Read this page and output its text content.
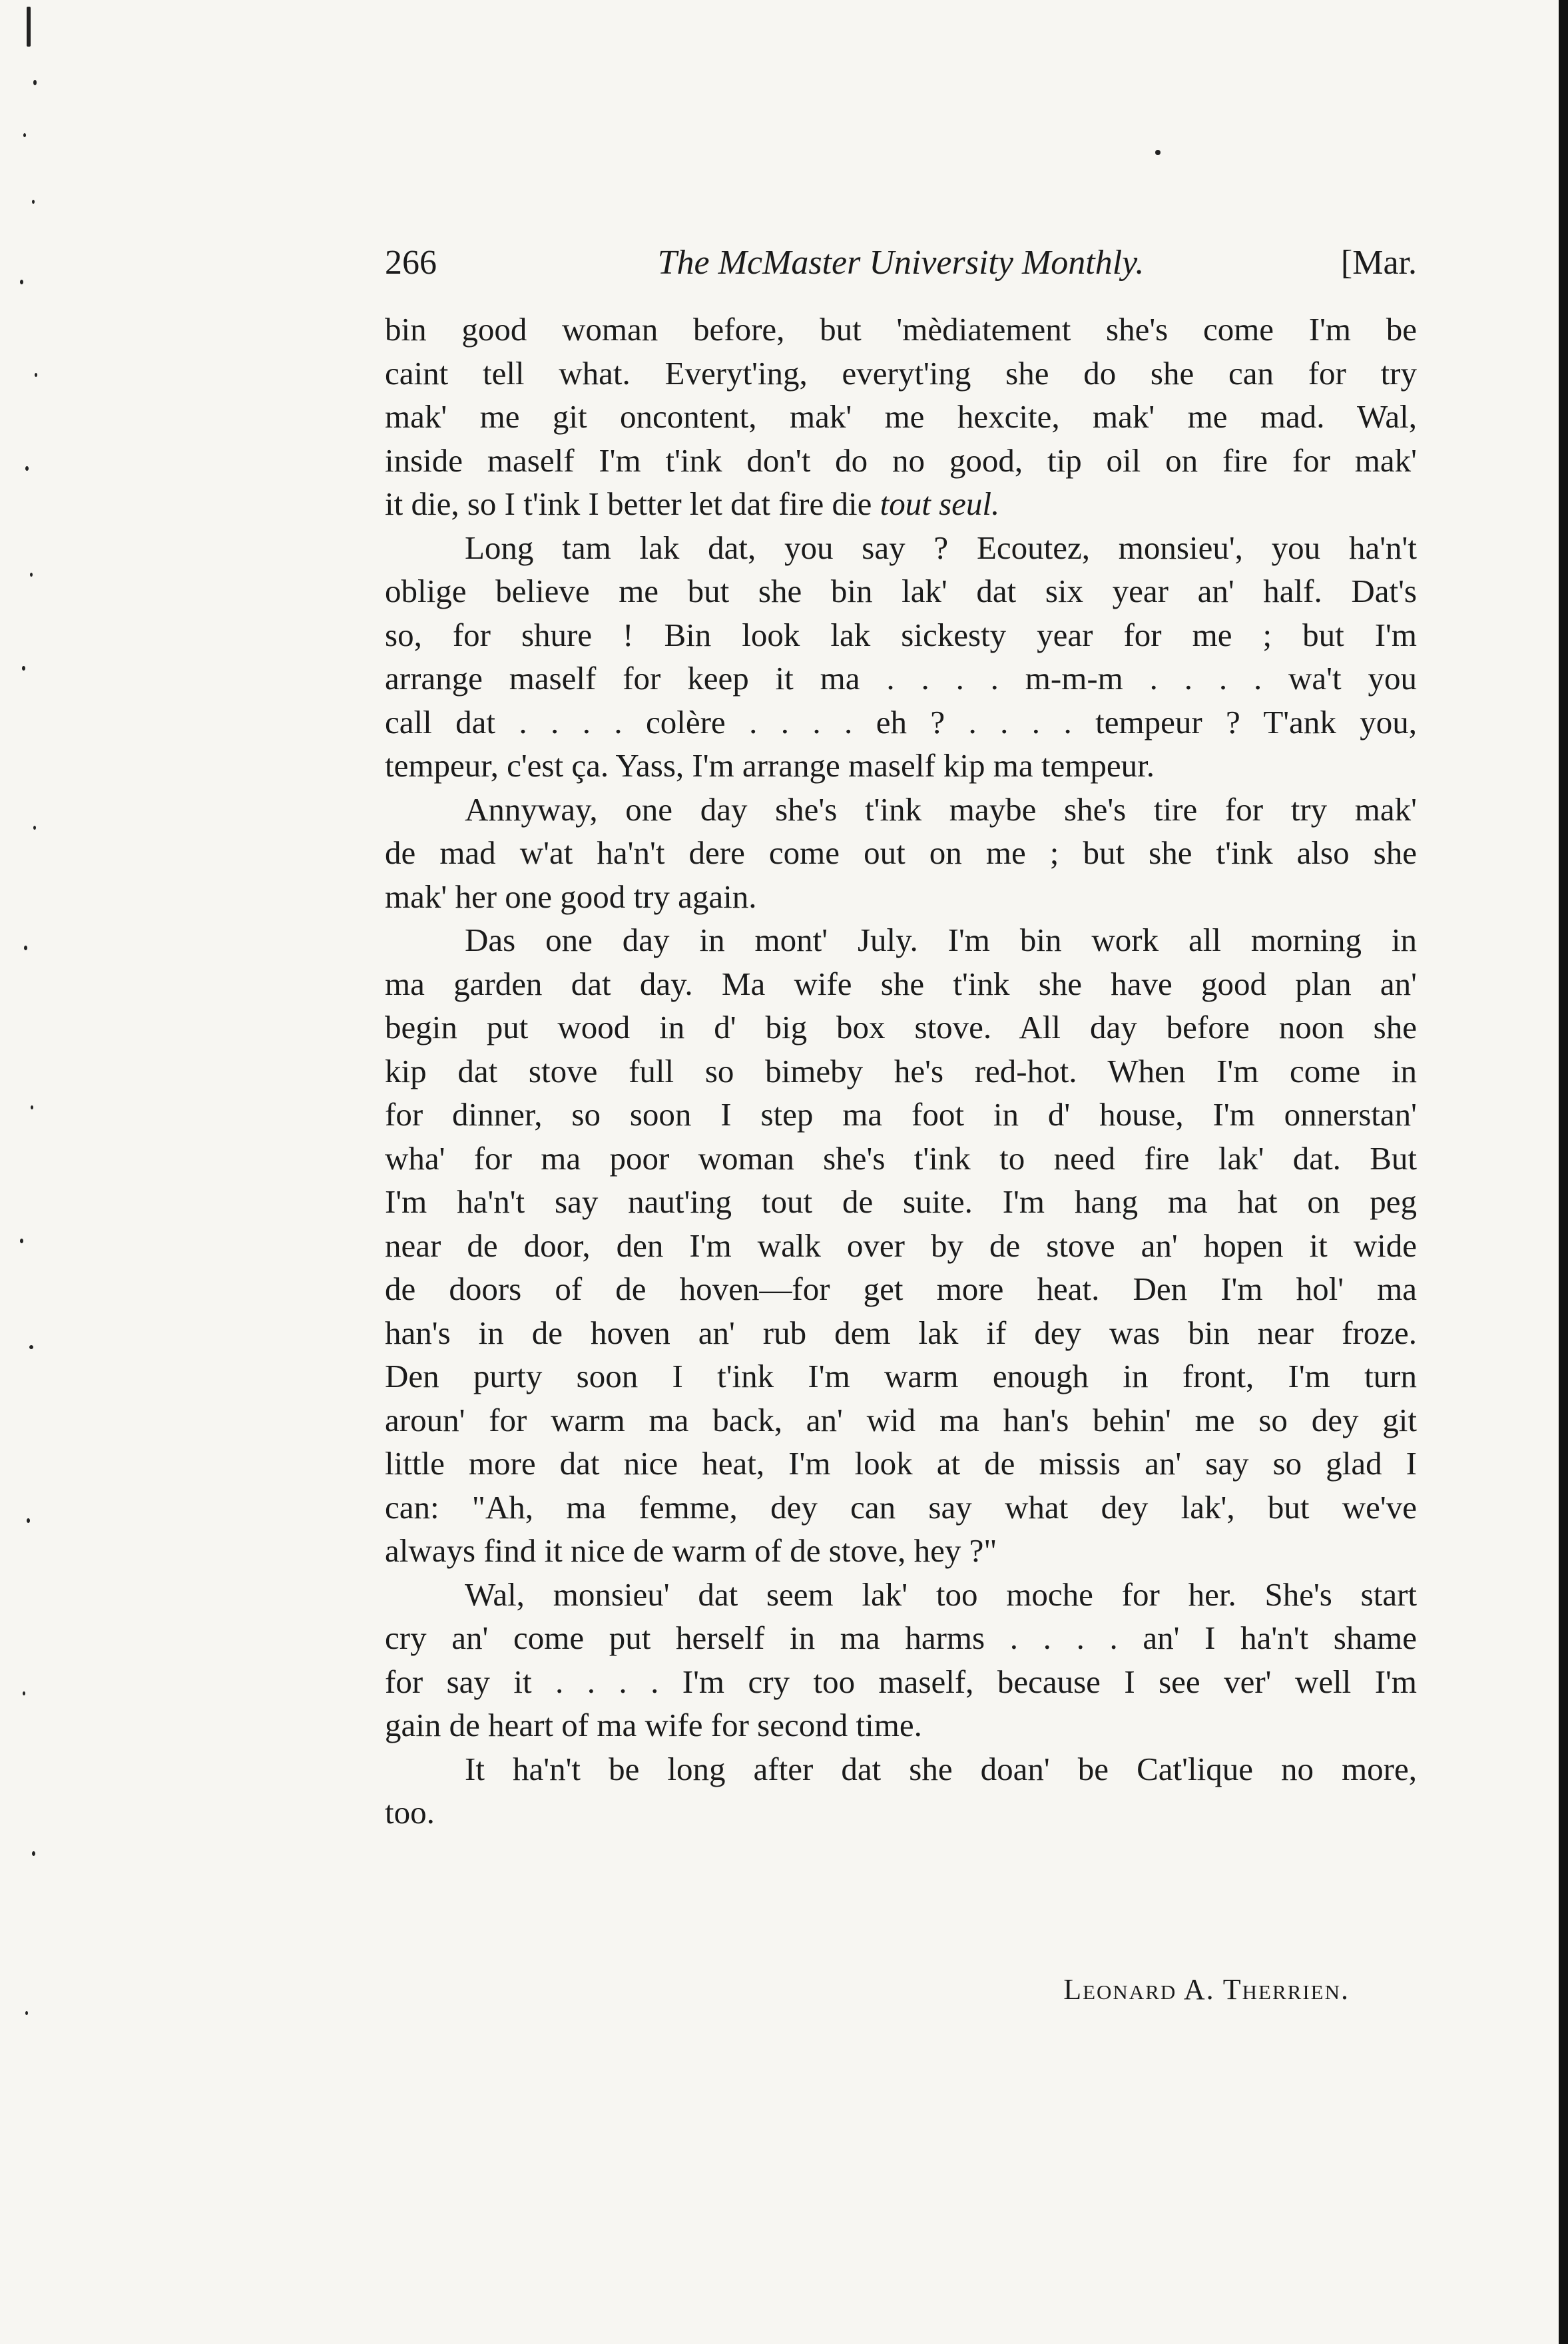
266	The McMaster University Monthly.	[Mar.
bin good woman before, but 'mèdiatement she's come I'm be
caint tell what. Everyt'ing, everyt'ing she do she can for try
mak' me git oncontent, mak' me hexcite, mak' me mad. Wal,
inside maself I'm t'ink don't do no good, tip oil on fire for mak'
it die, so I t'ink I better let dat fire die tout seul.
Long tam lak dat, you say ? Ecoutez, monsieu', you ha'n't
oblige believe me but she bin lak' dat six year an' half. Dat's
so, for shure ! Bin look lak sickesty year for me ; but I'm
arrange maself for keep it ma . . . . m-m-m . . . . wa't you
call dat . . . . colère . . . . eh ? . . . . tempeur ? T'ank you,
tempeur, c'est ça. Yass, I'm arrange maself kip ma tempeur.
Annyway, one day she's t'ink maybe she's tire for try mak'
de mad w'at ha'n't dere come out on me ; but she t'ink also she
mak' her one good try again.
Das one day in mont' July. I'm bin work all morning in
ma garden dat day. Ma wife she t'ink she have good plan an'
begin put wood in d' big box stove. All day before noon she
kip dat stove full so bimeby he's red-hot. When I'm come in
for dinner, so soon I step ma foot in d' house, I'm onnerstan'
wha' for ma poor woman she's t'ink to need fire lak' dat. But
I'm ha'n't say naut'ing tout de suite. I'm hang ma hat on peg
near de door, den I'm walk over by de stove an' hopen it wide
de doors of de hoven—for get more heat. Den I'm hol' ma
han's in de hoven an' rub dem lak if dey was bin near froze.
Den purty soon I t'ink I'm warm enough in front, I'm turn
aroun' for warm ma back, an' wid ma han's behin' me so dey git
little more dat nice heat, I'm look at de missis an' say so glad I
can: "Ah, ma femme, dey can say what dey lak', but we've
always find it nice de warm of de stove, hey ?"
Wal, monsieu' dat seem lak' too moche for her. She's start
cry an' come put herself in ma harms . . . . an' I ha'n't shame
for say it . . . . I'm cry too maself, because I see ver' well I'm
gain de heart of ma wife for second time.
It ha'n't be long after dat she doan' be Cat'lique no more,
too.
Leonard A. Therrien.
